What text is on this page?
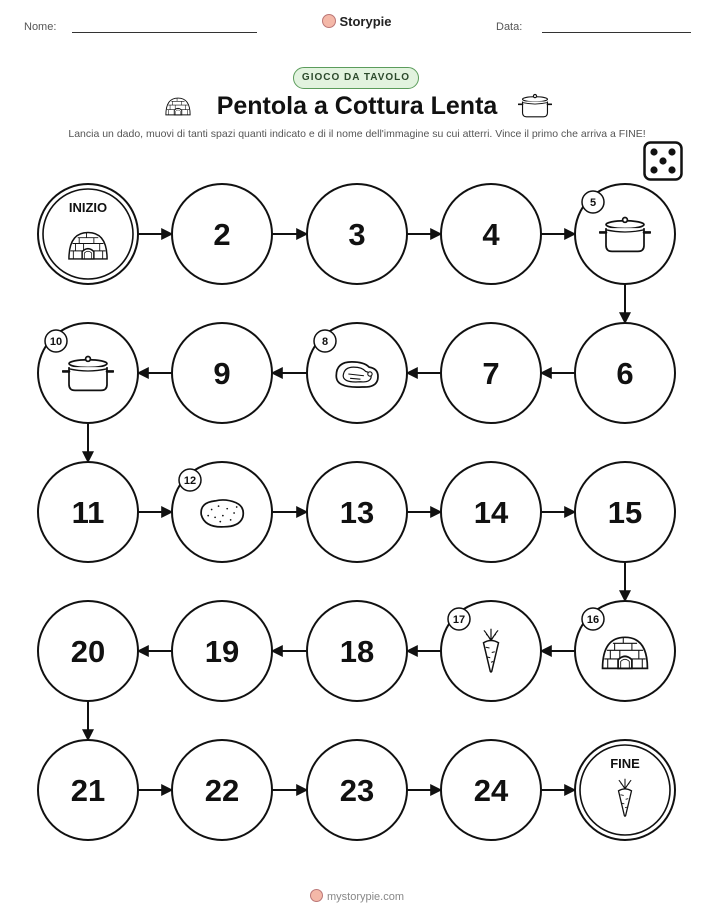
Nome:	Storypie	Data:
GIOCO DA TAVOLO
Pentola a Cottura Lenta
Lancia un dado, muovi di tanti spazi quanti indicato e di il nome dell'immagine su cui atterri. Vince il primo che arriva a FINE!
INIZIO
2	3	4
5
6
7
8
9
10
11
12
13	14	15
16
17
18
19
20
21	22	23	24
FINE
mystorypie.com
